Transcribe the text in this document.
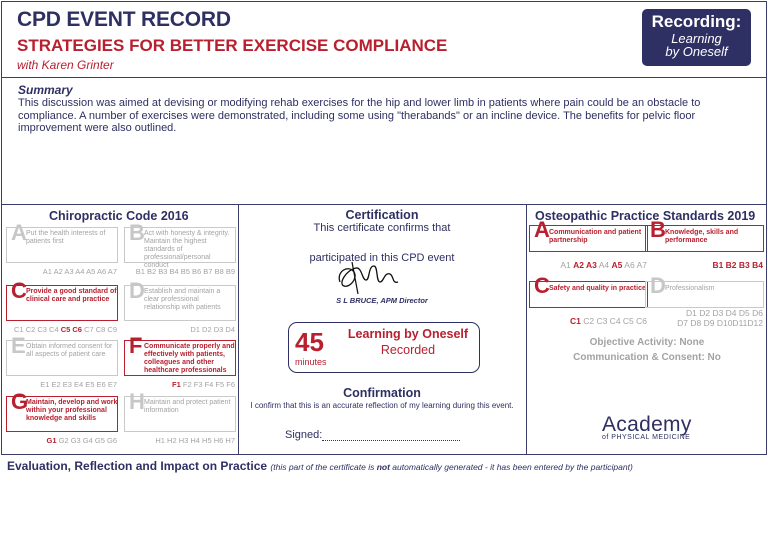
CPD EVENT RECORD
STRATEGIES FOR BETTER EXERCISE COMPLIANCE
with Karen Grinter
Recording:
Learning
by Oneself
Summary
This discussion was aimed at devising or modifying rehab exercises for the hip and lower limb in patients where pain could be an obstacle to compliance. A number of exercises were demonstrated, including some using "therabands" or an incline device. The benefits for pelvic floor improvement were also outlined.
Chiropractic Code 2016
A Put the health interests of patients first
A1 A2 A3 A4 A5 A6 A7
B Act with honesty & integrity. Maintain the highest standards of professional/personal conduct
B1 B2 B3 B4 B5 B6 B7 B8 B9
C Provide a good standard of clinical care and practice
C1 C2 C3 C4 C5 C6 C7 C8 C9
D Establish and maintain a clear professional relationship with patients
D1 D2 D3 D4
E Obtain informed consent for all aspects of patient care
E1 E2 E3 E4 E5 E6 E7
F Communicate properly and effectively with patients, colleagues and other healthcare professionals
F1 F2 F3 F4 F5 F6
G
Maintain, develop and work within your professional knowledge and skills
G1 G2 G3 G4 G5 G6
H Maintain and protect patient information
H1 H2 H3 H4 H5 H6 H7
Certification
This certificate confirms that
participated in this CPD event
S L BRUCE, APM Director
45
minutes
Learning by Oneself
Recorded
Confirmation
I confirm that this is an accurate reflection of my learning during this event.
Signed:
Osteopathic Practice Standards 2019
A Communication and patient partnership
A1 A2 A3 A4 A5 A6 A7
B Knowledge, skills and performance
B1 B2 B3 B4
C Safety and quality in practice
C1 C2 C3 C4 C5 C6
D Professionalism
D1 D2 D3 D4 D5 D6
D7 D8 D9 D10D11D12
Objective Activity: None
Communication & Consent: No
Academy
of PHYSICAL MEDICINE
Evaluation, Reflection and Impact on Practice (this part of the certificate is not automatically generated - it has been entered by the participant)
